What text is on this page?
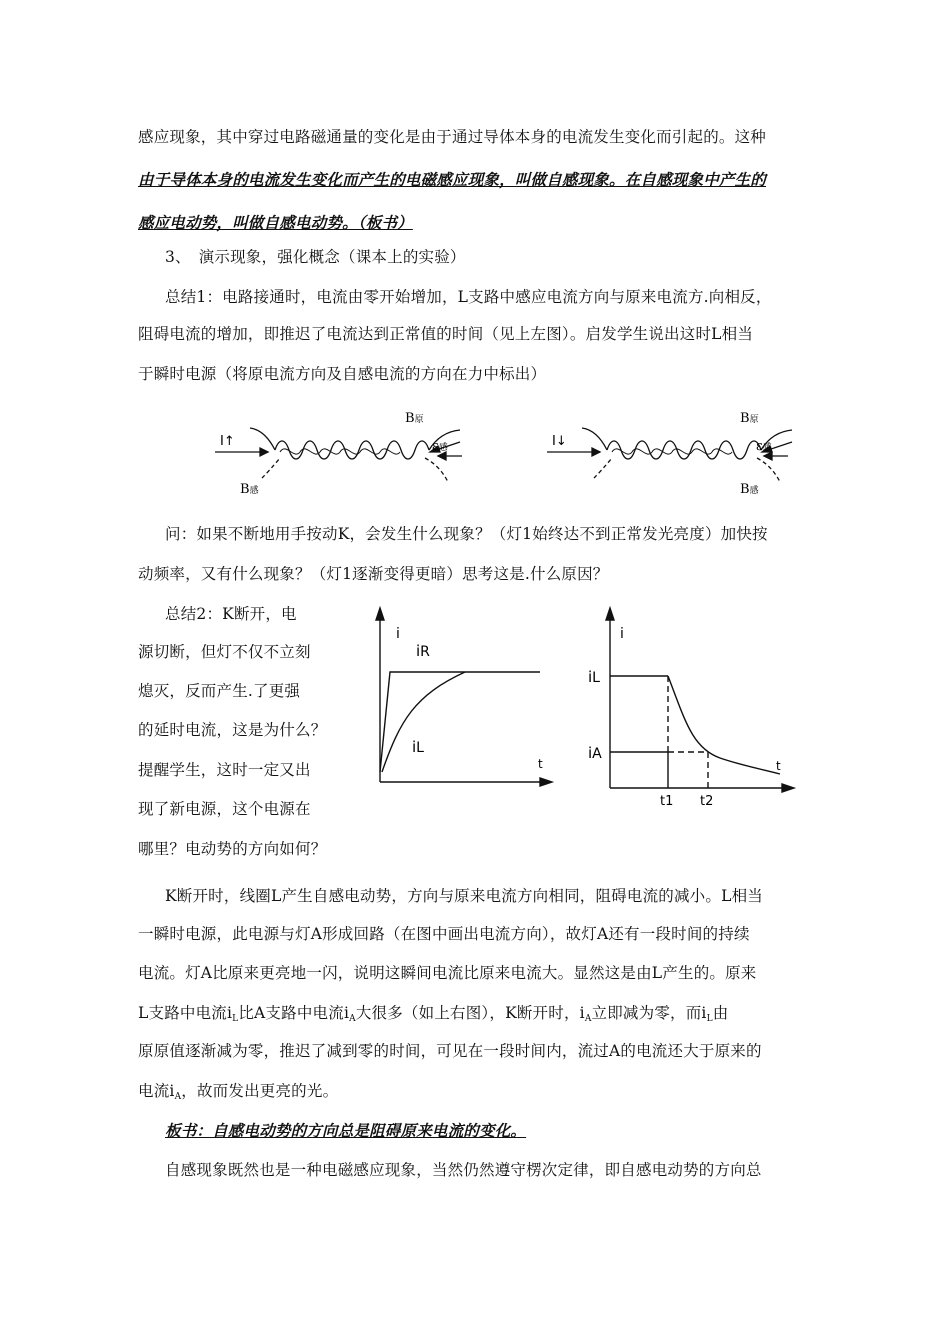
感应现象，其中穿过电路磁通量的变化是由于通过导体本身的电流发生变化而引起的。这种
由于导体本身的电流发生变化而产生的电磁感应现象，叫做自感现象。在自感现象中产生的
感应电动势，叫做自感电动势。（板书）
3、　演示现象，强化概念（课本上的实验）
总结1：电路接通时，电流由零开始增加，L支路中感应电流方向与原来电流方.向相反，
阻碍电流的增加，即推迟了电流达到正常值的时间（见上左图）。启发学生说出这时L相当
于瞬时电源（将原电流方向及自感电流的方向在力中标出）
I↑
B原
ε感
B感
I↓
B原
ε感
B感
问：如果不断地用手按动K，会发生什么现象？（灯1始终达不到正常发光亮度）加快按
动频率，又有什么现象？（灯1逐渐变得更暗）思考这是.什么原因？
总结2：K断开，电
源切断，但灯不仅不立刻
熄灭，反而产生.了更强
的延时电流，这是为什么？
提醒学生，这时一定又出
现了新电源，这个电源在
哪里？电动势的方向如何？
i
iR
iL
t
i
iL
iA
t1 t2
t
K断开时，线圈L产生自感电动势，方向与原来电流方向相同，阻碍电流的减小。L相当
一瞬时电源，此电源与灯A形成回路（在图中画出电流方向），故灯A还有一段时间的持续
电流。灯A比原来更亮地一闪，说明这瞬间电流比原来电流大。显然这是由L产生的。原来
L支路中电流$i_L$比A支路中电流$i_A$大很多（如上右图），K断开时，$i_A$立即减为零，而$i_L$由
原原值逐渐减为零，推迟了减到零的时间，可见在一段时间内，流过A的电流还大于原来的
电流$i_A$，故而发出更亮的光。
板书：自感电动势的方向总是阻碍原来电流的变化。
自感现象既然也是一种电磁感应现象，当然仍然遵守楞次定律，即自感电动势的方向总
